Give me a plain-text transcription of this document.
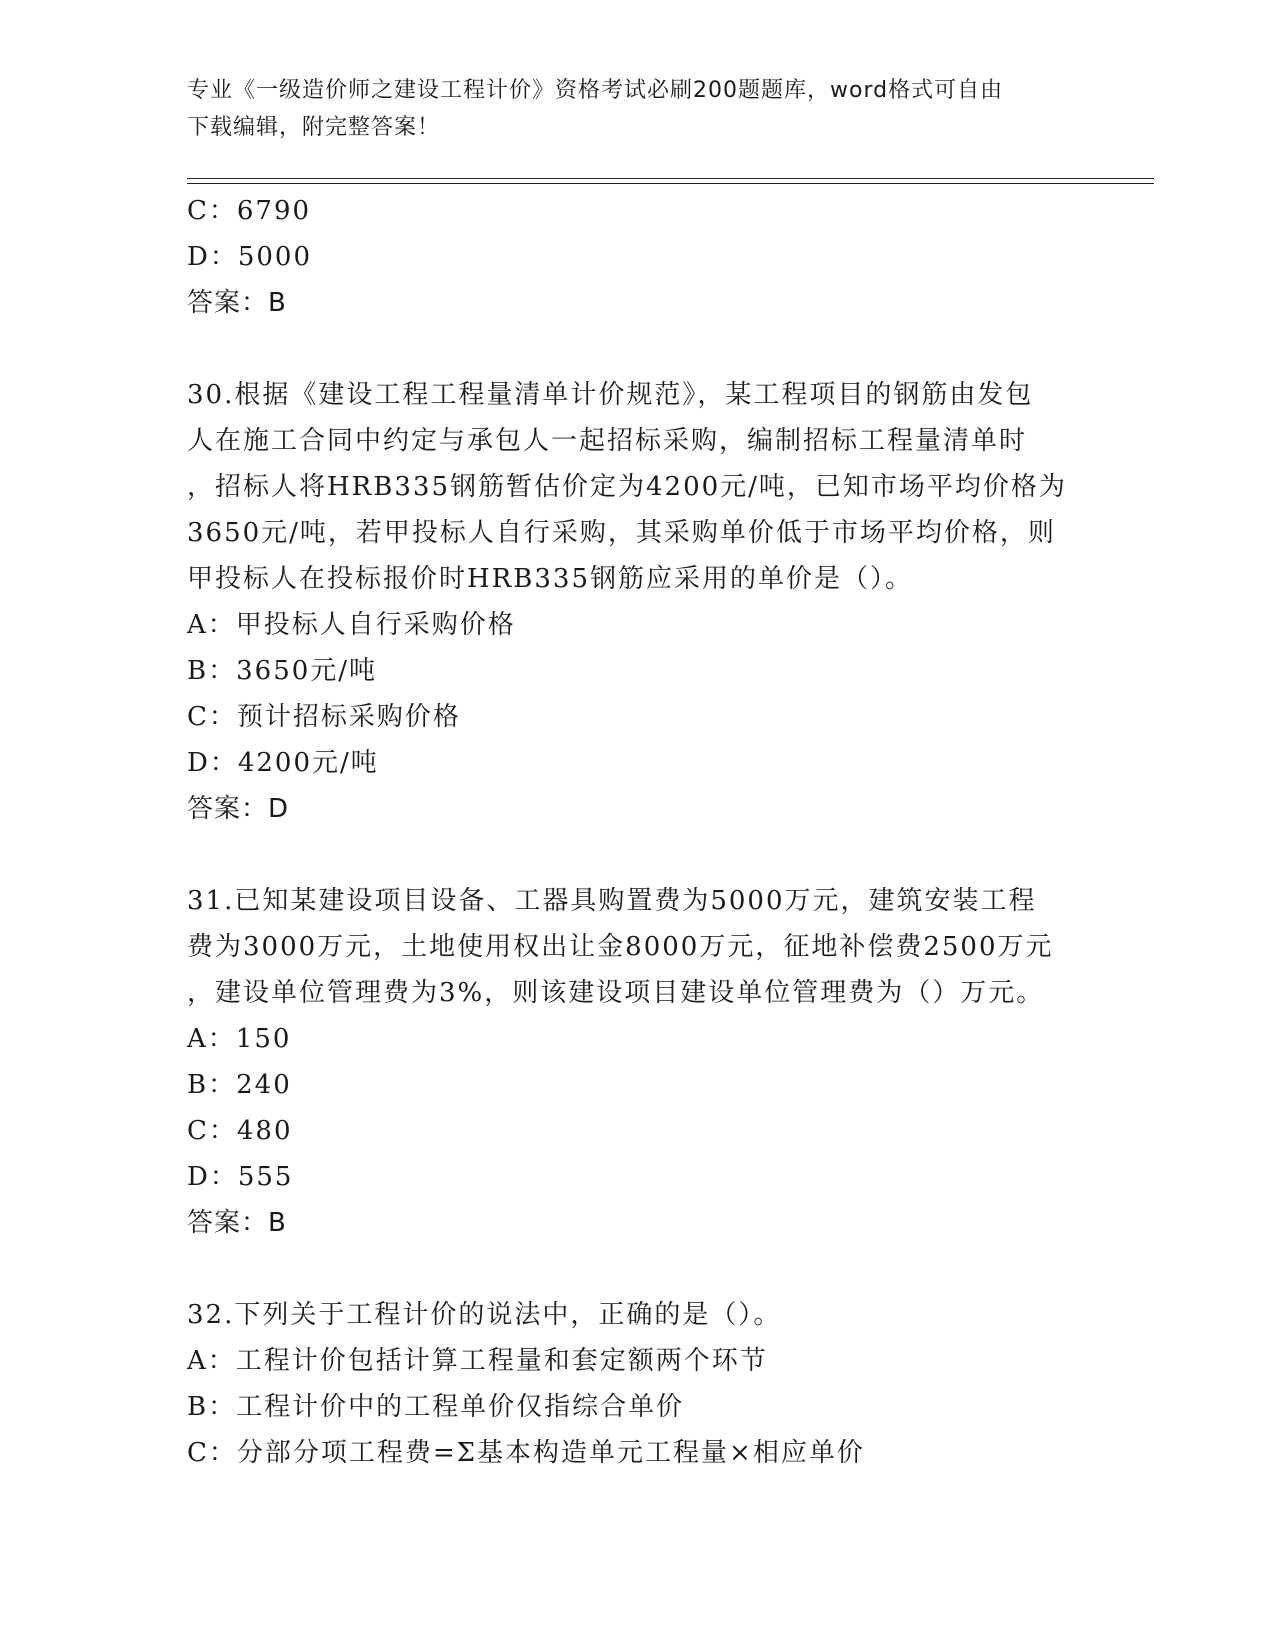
专业《一级造价师之建设工程计价》资格考试必刷200题题库，word格式可自由
下载编辑，附完整答案！
C：6790
D：5000
答案：B
30.根据《建设工程工程量清单计价规范》，某工程项目的钢筋由发包
人在施工合同中约定与承包人一起招标采购，编制招标工程量清单时
，招标人将HRB335钢筋暂估价定为4200元/吨，已知市场平均价格为
3650元/吨，若甲投标人自行采购，其采购单价低于市场平均价格，则
甲投标人在投标报价时HRB335钢筋应采用的单价是（）。
A：甲投标人自行采购价格
B：3650元/吨
C：预计招标采购价格
D：4200元/吨
答案：D
31.已知某建设项目设备、工器具购置费为5000万元，建筑安装工程
费为3000万元，土地使用权出让金8000万元，征地补偿费2500万元
，建设单位管理费为3%，则该建设项目建设单位管理费为（）万元。
A：150
B：240
C：480
D：555
答案：B
32.下列关于工程计价的说法中，正确的是（）。
A：工程计价包括计算工程量和套定额两个环节
B：工程计价中的工程单价仅指综合单价
C：分部分项工程费=Σ基本构造单元工程量×相应单价
